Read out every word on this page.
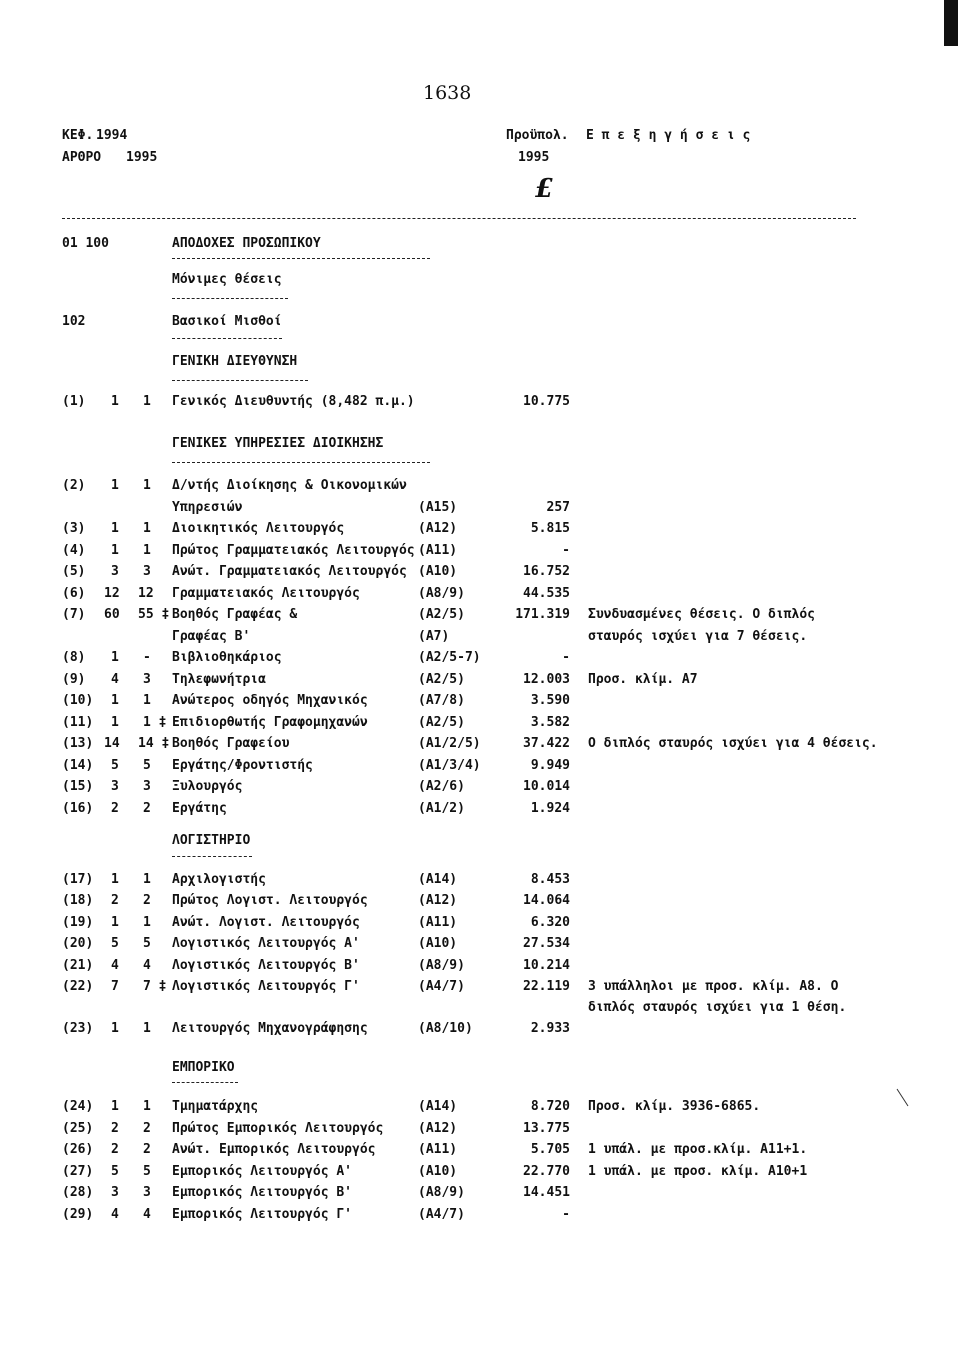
1638
ΚΕΦ. 1994
ΑΡΘΡΟ 1995
Προϋπολ.
1995
£
Ε π ε ξ η γ ή σ ε ι ς
01 100	ΑΠΟΔΟΧΕΣ ΠΡΟΣΩΠΙΚΟΥ
Μόνιμες θέσεις
102	Βασικοί Μισθοί
ΓΕΝΙΚΗ ΔΙΕΥΘΥΝΣΗ
(1) 1 1 Γενικός Διευθυντής (8,482 π.μ.)	10.775
ΓΕΝΙΚΕΣ ΥΠΗΡΕΣΙΕΣ ΔΙΟΙΚΗΣΗΣ
(2) 1 1 Δ/ντής Διοίκησης & Οικονομικών
Υπηρεσιών	(Α15)	257
(3) 1 1 Διοικητικός Λειτουργός	(Α12)	5.815
(4) 1 1 Πρώτος Γραμματειακός Λειτουργός (Α11)	-
(5) 3 3 Ανώτ. Γραμματειακός Λειτουργός (Α10)	16.752
(6) 12 12 Γραμματειακός Λειτουργός	(Α8/9)	44.535
(7) 60 55 ‡ Βοηθός Γραφέας &	(Α2/5)	171.319 Συνδυασμένες θέσεις. Ο διπλός
Γραφέας Β'	(Α7)	σταυρός ισχύει για 7 θέσεις.
(8) 1 - Βιβλιοθηκάριος	(Α2/5-7)	-
(9) 4 3 Τηλεφωνήτρια	(Α2/5)	12.003 Προσ. κλίμ. Α7
(10) 1 1 Ανώτερος οδηγός Μηχανικός	(Α7/8)	3.590
(11) 1 1 ‡ Επιδιορθωτής Γραφομηχανών	(Α2/5)	3.582
(13) 14 14 ‡ Βοηθός Γραφείου	(Α1/2/5)	37.422 Ο διπλός σταυρός ισχύει για 4 θέσεις.
(14) 5 5 Εργάτης/Φροντιστής	(Α1/3/4)	9.949
(15) 3 3 Ξυλουργός	(Α2/6)	10.014
(16) 2 2 Εργάτης	(Α1/2)	1.924
ΛΟΓΙΣΤΗΡΙΟ
(17) 1 1 Αρχιλογιστής	(Α14)	8.453
(18) 2 2 Πρώτος Λογιστ. Λειτουργός	(Α12)	14.064
(19) 1 1 Ανώτ. Λογιστ. Λειτουργός	(Α11)	6.320
(20) 5 5 Λογιστικός Λειτουργός Α'	(Α10)	27.534
(21) 4 4 Λογιστικός Λειτουργός Β'	(Α8/9)	10.214
(22) 7 7 ‡ Λογιστικός Λειτουργός Γ'	(Α4/7)	22.119 3 υπάλληλοι με προσ. κλίμ. Α8. Ο
διπλός σταυρός ισχύει για 1 θέση.
(23) 1 1 Λειτουργός Μηχανογράφησης	(Α8/10)	2.933
ΕΜΠΟΡΙΚΟ
(24) 1 1 Τμηματάρχης	(Α14)	8.720 Προσ. κλίμ. 3936-6865.
(25) 2 2 Πρώτος Εμπορικός Λειτουργός	(Α12)	13.775
(26) 2 2 Ανώτ. Εμπορικός Λειτουργός	(Α11)	5.705 1 υπάλ. με προσ.κλίμ. Α11+1.
(27) 5 5 Εμπορικός Λειτουργός Α'	(Α10)	22.770 1 υπάλ. με προσ. κλίμ. Α10+1
(28) 3 3 Εμπορικός Λειτουργός Β'	(Α8/9)	14.451
(29) 4 4 Εμπορικός Λειτουργός Γ'	(Α4/7)	-
